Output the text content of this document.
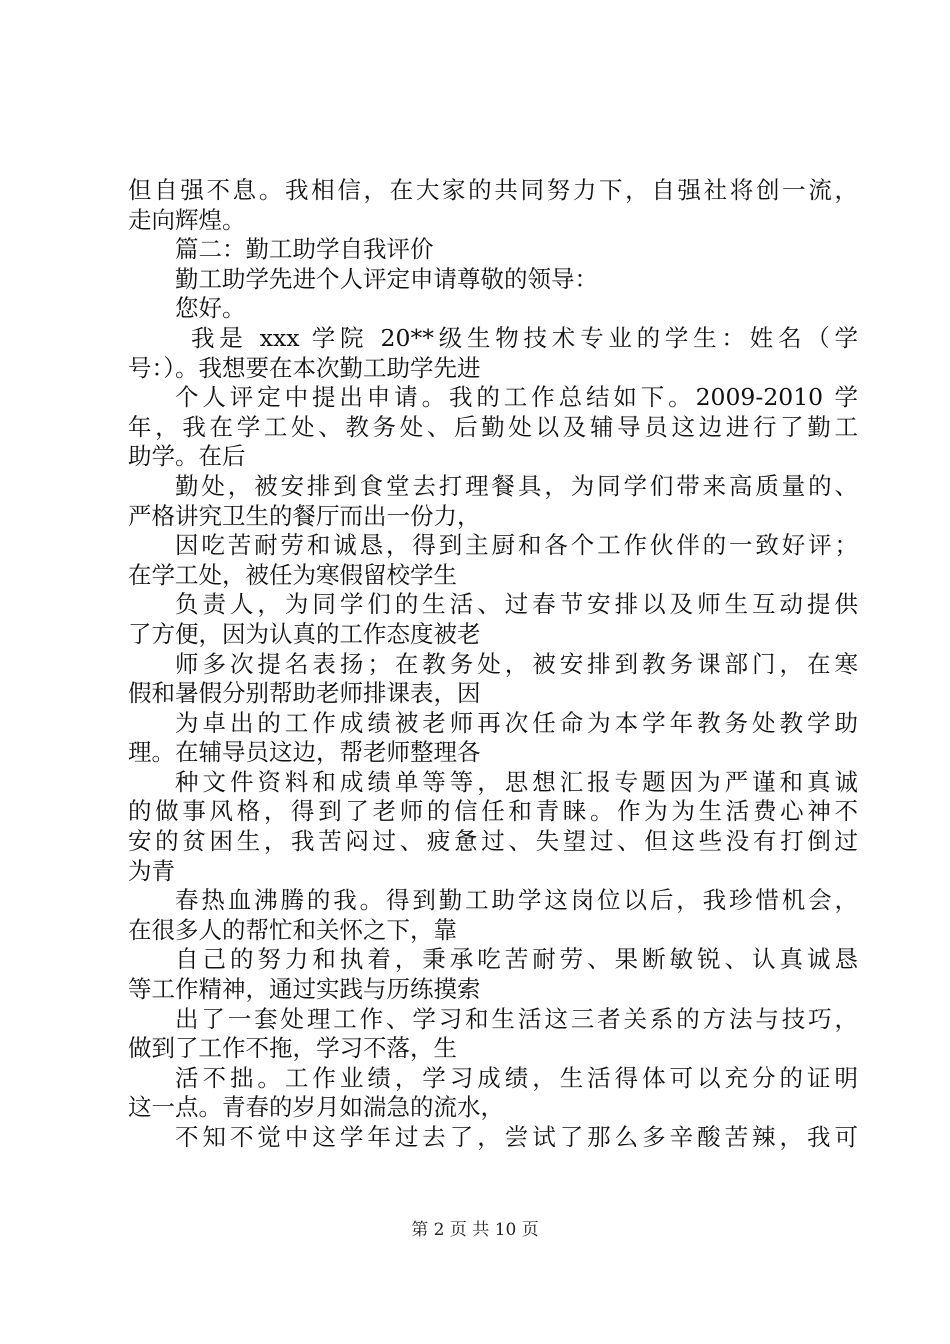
但自强不息。我相信，在大家的共同努力下，自强社将创一流，
走向辉煌。
篇二：勤工助学自我评价
勤工助学先进个人评定申请尊敬的领导：
您好。
我是 xxx 学院 20**级生物技术专业的学生：姓名（学
号：）。我想要在本次勤工助学先进
个人评定中提出申请。我的工作总结如下。2009-2010 学
年，我在学工处、教务处、后勤处以及辅导员这边进行了勤工
助学。在后
勤处，被安排到食堂去打理餐具，为同学们带来高质量的、
严格讲究卫生的餐厅而出一份力，
因吃苦耐劳和诚恳，得到主厨和各个工作伙伴的一致好评；
在学工处，被任为寒假留校学生
负责人，为同学们的生活、过春节安排以及师生互动提供
了方便，因为认真的工作态度被老
师多次提名表扬；在教务处，被安排到教务课部门，在寒
假和暑假分别帮助老师排课表，因
为卓出的工作成绩被老师再次任命为本学年教务处教学助
理。在辅导员这边，帮老师整理各
种文件资料和成绩单等等，思想汇报专题因为严谨和真诚
的做事风格，得到了老师的信任和青睐。作为为生活费心神不
安的贫困生，我苦闷过、疲惫过、失望过、但这些没有打倒过
为青
春热血沸腾的我。得到勤工助学这岗位以后，我珍惜机会，
在很多人的帮忙和关怀之下，靠
自己的努力和执着，秉承吃苦耐劳、果断敏锐、认真诚恳
等工作精神，通过实践与历练摸索
出了一套处理工作、学习和生活这三者关系的方法与技巧，
做到了工作不拖，学习不落，生
活不拙。工作业绩，学习成绩，生活得体可以充分的证明
这一点。青春的岁月如湍急的流水，
不知不觉中这学年过去了，尝试了那么多辛酸苦辣，我可
第 2 页 共 10 页
